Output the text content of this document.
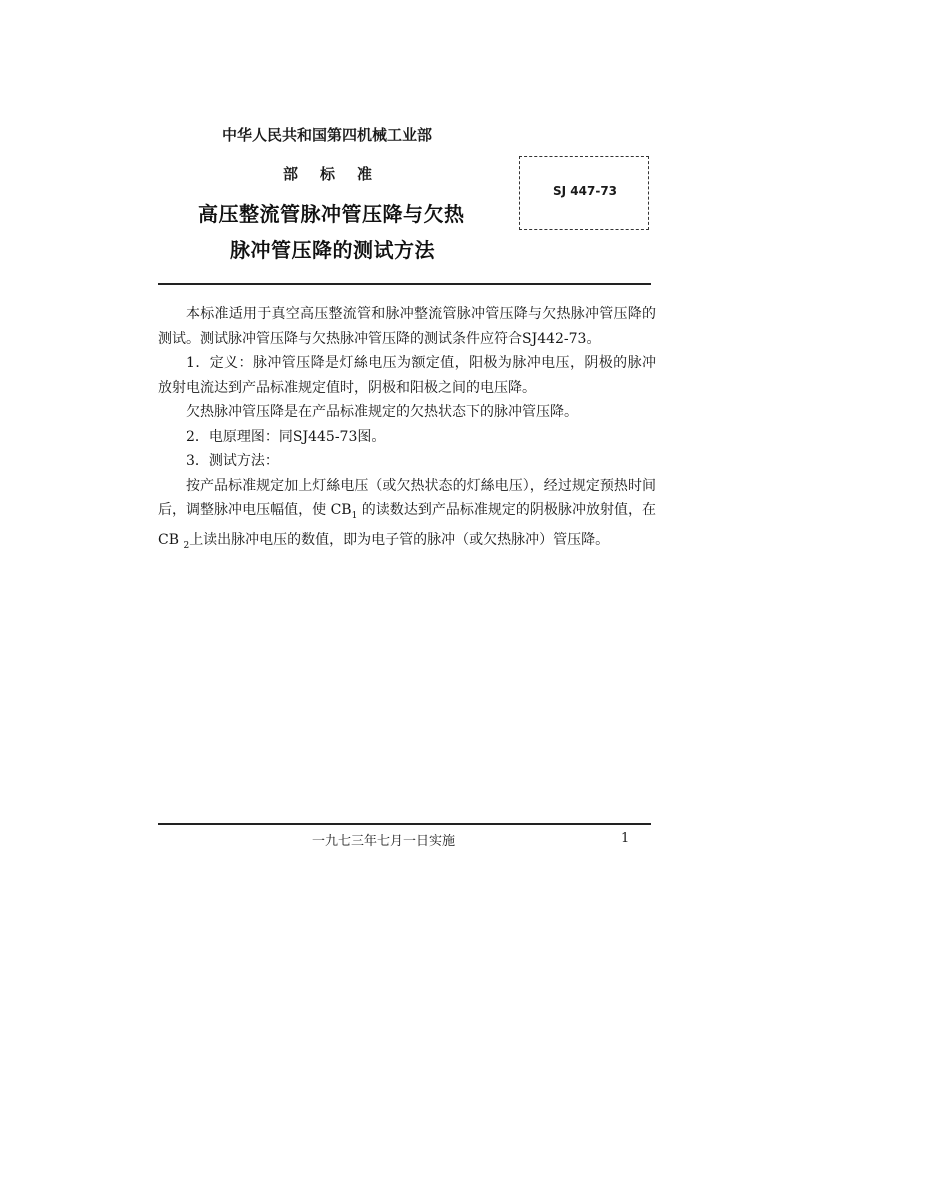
中华人民共和国第四机械工业部
部标准
SJ 447-73
高压整流管脉冲管压降与欠热
脉冲管压降的测试方法

本标准适用于真空高压整流管和脉冲整流管脉冲管压降与欠热脉冲管压降的测试。测试脉冲管压降与欠热脉冲管压降的测试条件应符合SJ442-73。

1．定义：脉冲管压降是灯絲电压为额定值，阳极为脉冲电压，阴极的脉冲放射电流达到产品标准规定值时，阴极和阳极之间的电压降。

欠热脉冲管压降是在产品标准规定的欠热状态下的脉冲管压降。

2．电原理图：同SJ445-73图。

3．测试方法：

按产品标准规定加上灯絲电压（或欠热状态的灯絲电压），经过规定预热时间后，调整脉冲电压幅值，使 $CB_1$ 的读数达到产品标准规定的阴极脉冲放射值，在 CB $_2$上读出脉冲电压的数值，即为电子管的脉冲（或欠热脉冲）管压降。

一九七三年七月一日实施	1
